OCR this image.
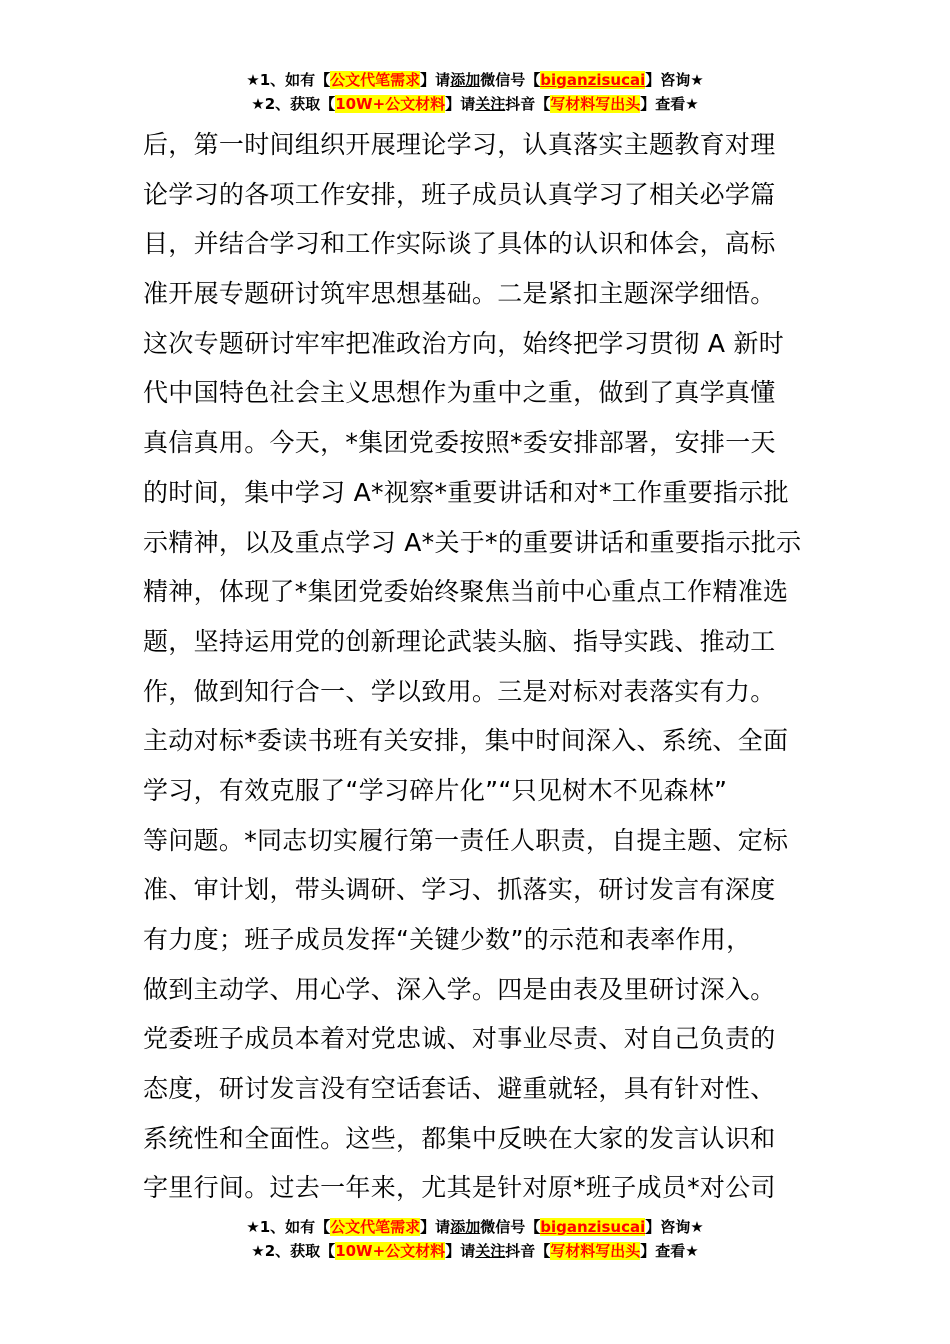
★1、如有【公文代笔需求】请添加微信号【biganzisucai】咨询★
★2、获取【10W+公文材料】请关注抖音【写材料写出头】查看★
后，第一时间组织开展理论学习，认真落实主题教育对理
论学习的各项工作安排，班子成员认真学习了相关必学篇
目，并结合学习和工作实际谈了具体的认识和体会，高标
准开展专题研讨筑牢思想基础。二是紧扣主题深学细悟。
这次专题研讨牢牢把准政治方向，始终把学习贯彻 A 新时
代中国特色社会主义思想作为重中之重，做到了真学真懂
真信真用。今天，*集团党委按照*委安排部署，安排一天
的时间，集中学习 A*视察*重要讲话和对*工作重要指示批
示精神，以及重点学习 A*关于*的重要讲话和重要指示批示
精神，体现了*集团党委始终聚焦当前中心重点工作精准选
题，坚持运用党的创新理论武装头脑、指导实践、推动工
作，做到知行合一、学以致用。三是对标对表落实有力。
主动对标*委读书班有关安排，集中时间深入、系统、全面
学习，有效克服了“学习碎片化”“只见树木不见森林”
等问题。*同志切实履行第一责任人职责，自提主题、定标
准、审计划，带头调研、学习、抓落实，研讨发言有深度
有力度；班子成员发挥“关键少数”的示范和表率作用，
做到主动学、用心学、深入学。四是由表及里研讨深入。
党委班子成员本着对党忠诚、对事业尽责、对自己负责的
态度，研讨发言没有空话套话、避重就轻，具有针对性、
系统性和全面性。这些，都集中反映在大家的发言认识和
字里行间。过去一年来，尤其是针对原*班子成员*对公司
★1、如有【公文代笔需求】请添加微信号【biganzisucai】咨询★
★2、获取【10W+公文材料】请关注抖音【写材料写出头】查看★
